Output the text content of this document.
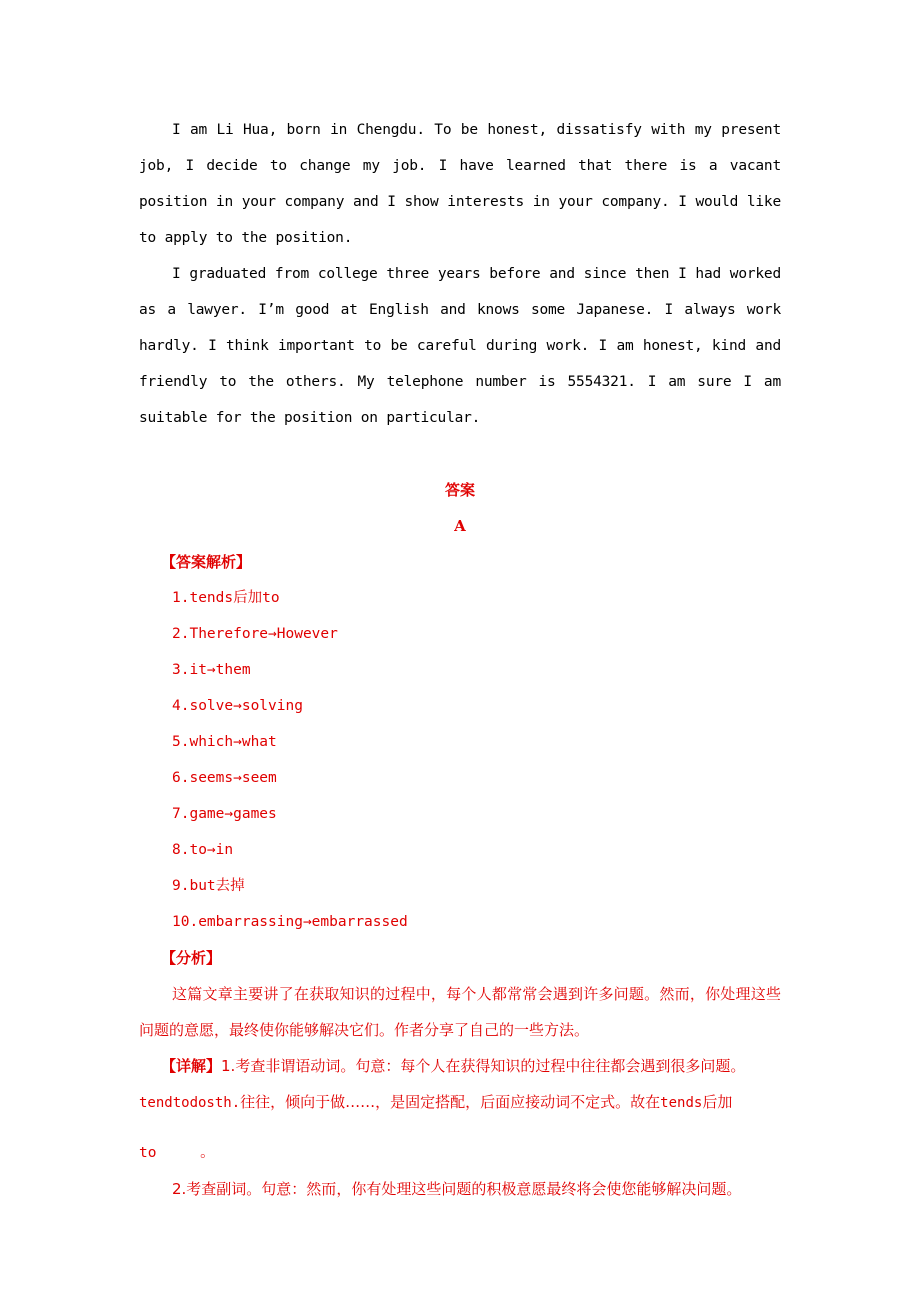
I am Li Hua, born in Chengdu. To be honest, dissatisfy with my present job, I decide to change my job. I have learned that there is a vacant position in your company and I show interests in your company. I would like to apply to the position.

I graduated from college three years before and since then I had worked as a lawyer. I’m good at English and knows some Japanese. I always work hardly. I think important to be careful during work. I am honest, kind and friendly to the others. My telephone number is 5554321. I am sure I am suitable for the position on particular.

答案

A

【答案解析】

1.tends后加to
2.Therefore→However
3.it→them
4.solve→solving
5.which→what
6.seems→seem
7.game→games
8.to→in
9.but去掉
10.embarrassing→embarrassed

【分析】

这篇文章主要讲了在获取知识的过程中，每个人都常常会遇到许多问题。然而，你处理这些问题的意愿，最终使你能够解决它们。作者分享了自己的一些方法。

【详解】1.考查非谓语动词。句意：每个人在获得知识的过程中往往都会遇到很多问题。

tendtodosth.往往，倾向于做……，是固定搭配，后面应接动词不定式。故在tends后加

to     。

2.考查副词。句意：然而，你有处理这些问题的积极意愿最终将会使您能够解决问题。
